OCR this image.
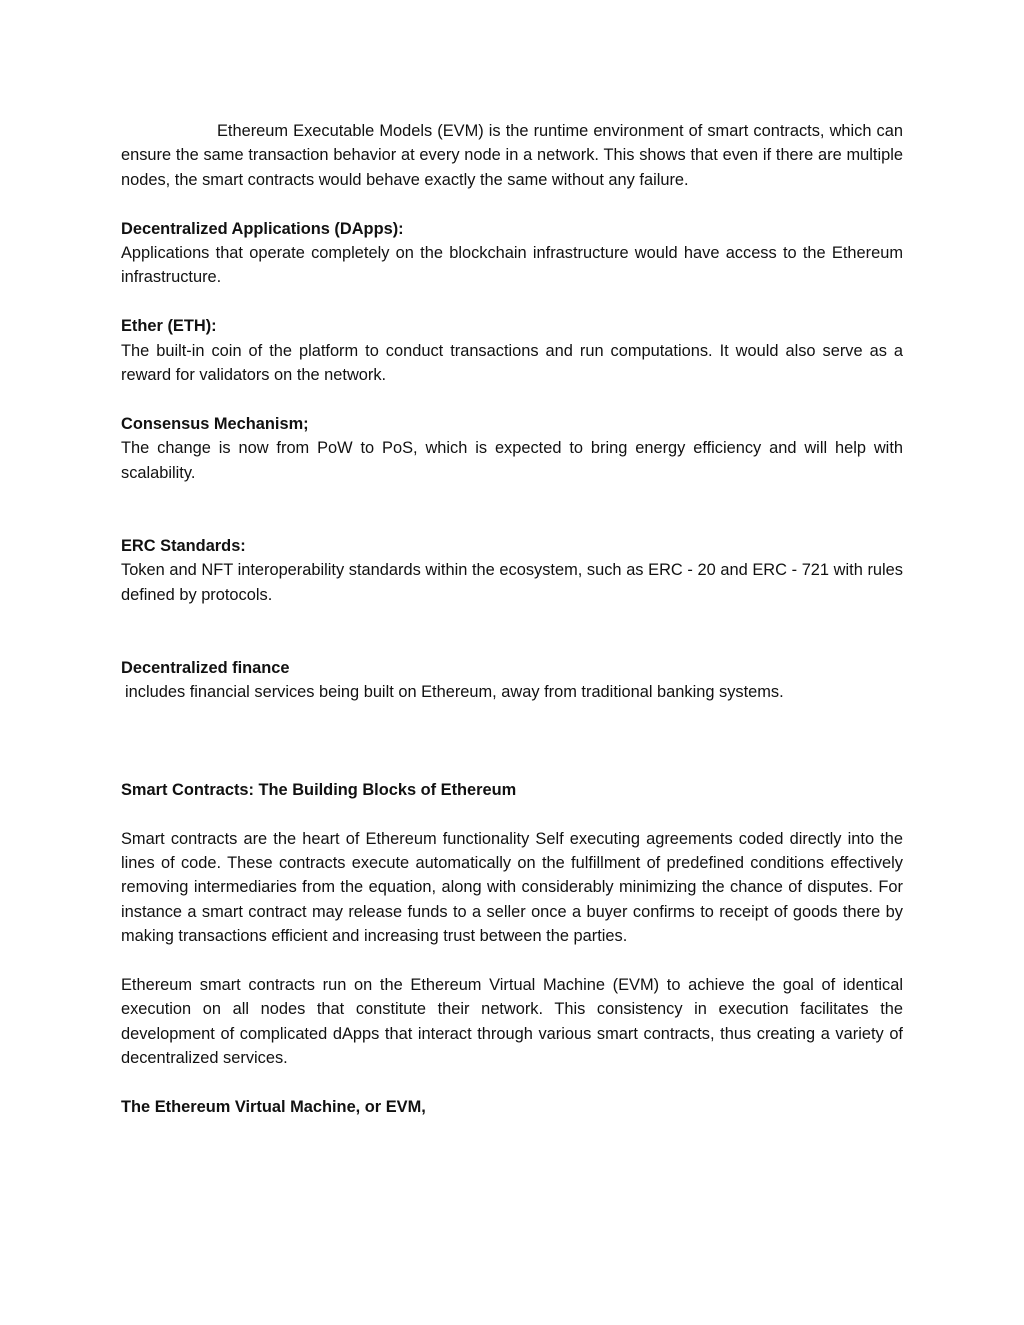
Ethereum Executable Models (EVM) is the runtime environment of smart contracts, which can ensure the same transaction behavior at every node in a network. This shows that even if there are multiple nodes, the smart contracts would behave exactly the same without any failure.

Decentralized Applications (DApps):

Applications that operate completely on the blockchain infrastructure would have access to the Ethereum infrastructure.

Ether (ETH):

The built-in coin of the platform to conduct transactions and run computations. It would also serve as a reward for validators on the network.

Consensus Mechanism;

The change is now from PoW to PoS, which is expected to bring energy efficiency and will help with scalability.

ERC Standards:

Token and NFT interoperability standards within the ecosystem, such as ERC - 20 and ERC - 721 with rules defined by protocols.

Decentralized finance

includes financial services being built on Ethereum, away from traditional banking systems.

Smart Contracts: The Building Blocks of Ethereum

Smart contracts are the heart of Ethereum functionality Self executing agreements coded directly into the lines of code. These contracts execute automatically on the fulfillment of predefined conditions effectively removing intermediaries from the equation, along with considerably minimizing the chance of disputes. For instance a smart contract may release funds to a seller once a buyer confirms to receipt of goods there by making transactions efficient and increasing trust between the parties.

Ethereum smart contracts run on the Ethereum Virtual Machine (EVM) to achieve the goal of identical execution on all nodes that constitute their network. This consistency in execution facilitates the development of complicated dApps that interact through various smart contracts, thus creating a variety of decentralized services.

The Ethereum Virtual Machine, or EVM,
